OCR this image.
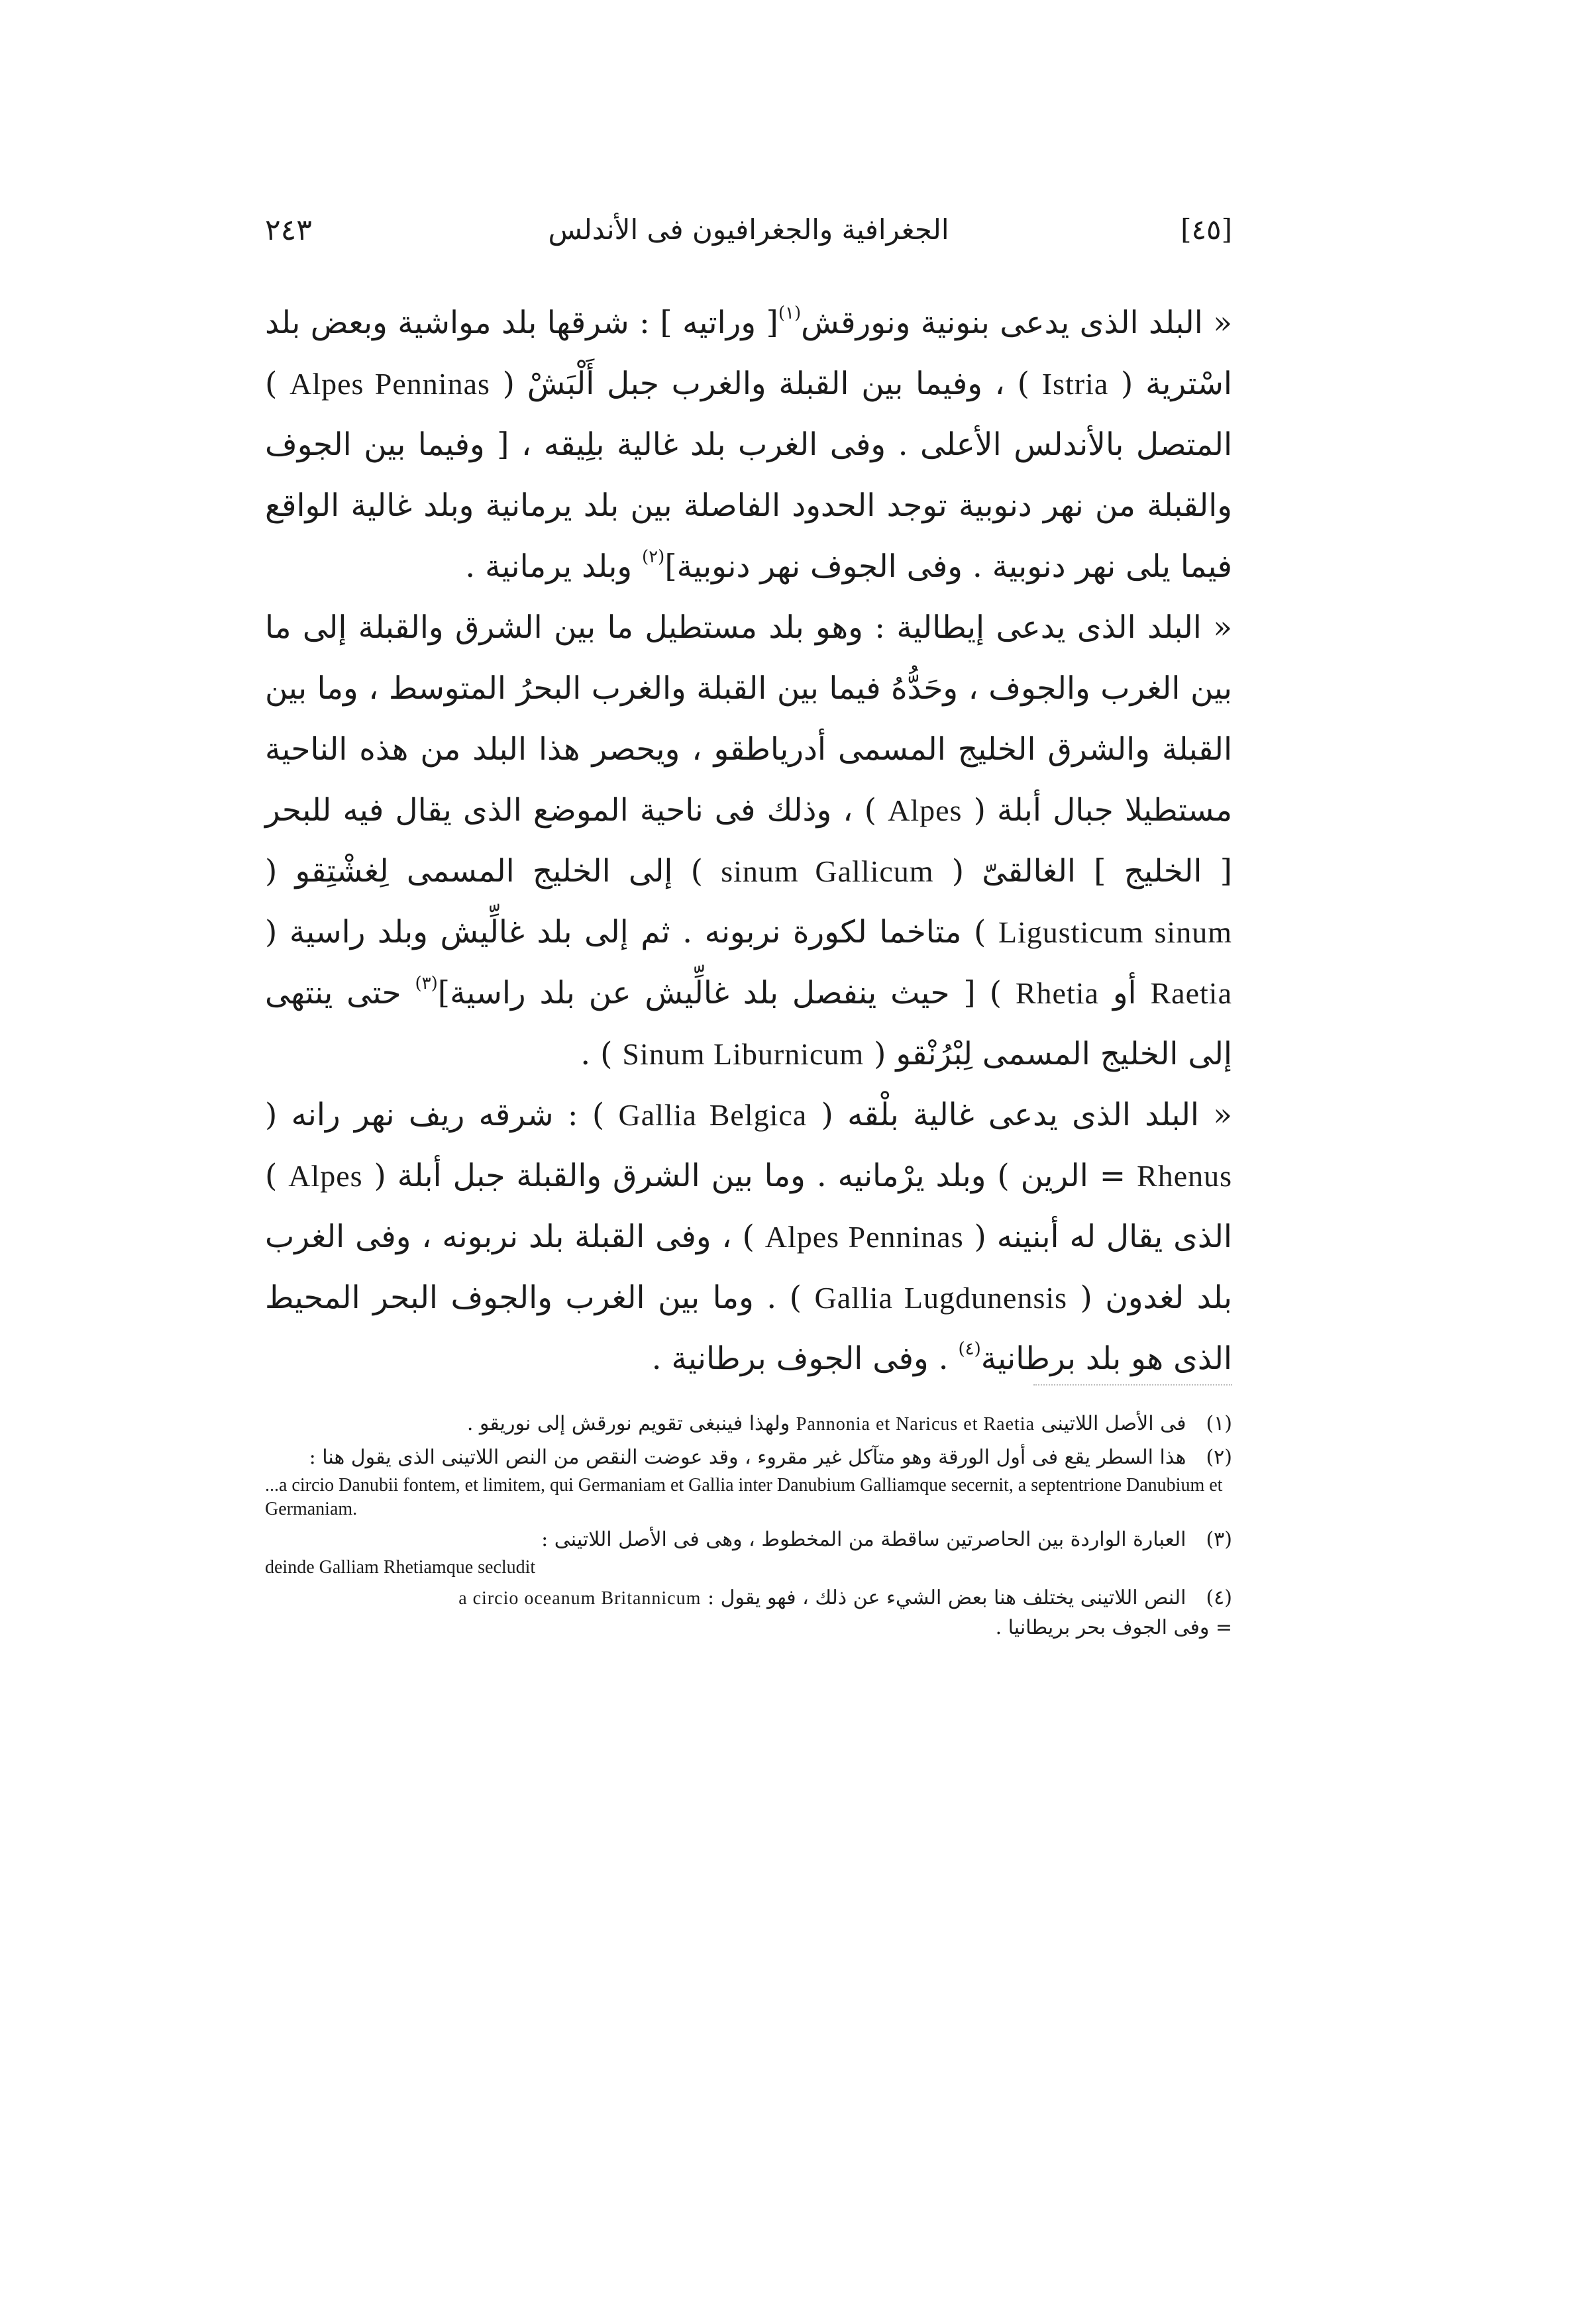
٢٤٣	الجغرافية والجغرافيون فى الأندلس	[٤٥]

« البلد الذى يدعى بنونية ونورقش$^{(١)}$[ وراتيه ] : شرقها بلد مواشية وبعض بلد اسْترية ( Istria ) ، وفيما بين القبلة والغرب جبل أَلْبَشْ ( Alpes Penninas ) المتصل بالأندلس الأعلى . وفى الغرب بلد غالية بلِيقه ، [ وفيما بين الجوف والقبلة من نهر دنوبية توجد الحدود الفاصلة بين بلد يرمانية وبلد غالية الواقع فيما يلى نهر دنوبية . وفى الجوف نهر دنوبية]$^{(٢)}$ وبلد يرمانية .

« البلد الذى يدعى إيطالية : وهو بلد مستطيل ما بين الشرق والقبلة إلى ما بين الغرب والجوف ، وحَدُّهُ فيما بين القبلة والغرب البحرُ المتوسط ، وما بين القبلة والشرق الخليج المسمى أدرياطقو ، ويحصر هذا البلد من هذه الناحية مستطيلا جبال أبلة ( Alpes ) ، وذلك فى ناحية الموضع الذى يقال فيه للبحر [ الخليج ] الغالقىّ ( sinum Gallicum ) إلى الخليج المسمى لِغشْتِقو ( Ligusticum sinum ) متاخما لكورة نربونه . ثم إلى بلد غالِّيش وبلد راسية ( Raetia أو Rhetia ) [ حيث ينفصل بلد غالِّيش عن بلد راسية]$^{(٣)}$ حتى ينتهى إلى الخليج المسمى لِبْرُنْقو ( Sinum Liburnicum ) .

« البلد الذى يدعى غالية بلْقه ( Gallia Belgica ) : شرقه ريف نهر رانه ( Rhenus = الرين ) وبلد يرْمانيه . وما بين الشرق والقبلة جبل أبلة ( Alpes ) الذى يقال له أبنينه ( Alpes Penninas ) ، وفى القبلة بلد نربونه ، وفى الغرب بلد لغدون ( Gallia Lugdunensis ) . وما بين الغرب والجوف البحر المحيط الذى هو بلد برطانية$^{(٤)}$ . وفى الجوف برطانية .

(١) فى الأصل اللاتينى Pannonia et Naricus et Raetia ولهذا فينبغى تقويم نورقش إلى نوريقو .
(٢) هذا السطر يقع فى أول الورقة وهو متآكل غير مقروء ، وقد عوضت النقص من النص اللاتينى الذى يقول هنا :
...a circio Danubii fontem, et limitem, qui Germaniam et Gallia inter Danubium Galliamque secernit, a septentrione Danubium et Germaniam.
(٣) العبارة الواردة بين الحاصرتين ساقطة من المخطوط ، وهى فى الأصل اللاتينى :
deinde Galliam Rhetiamque secludit
(٤) النص اللاتينى يختلف هنا بعض الشيء عن ذلك ، فهو يقول : a circio oceanum Britannicum
= وفى الجوف بحر بريطانيا .
